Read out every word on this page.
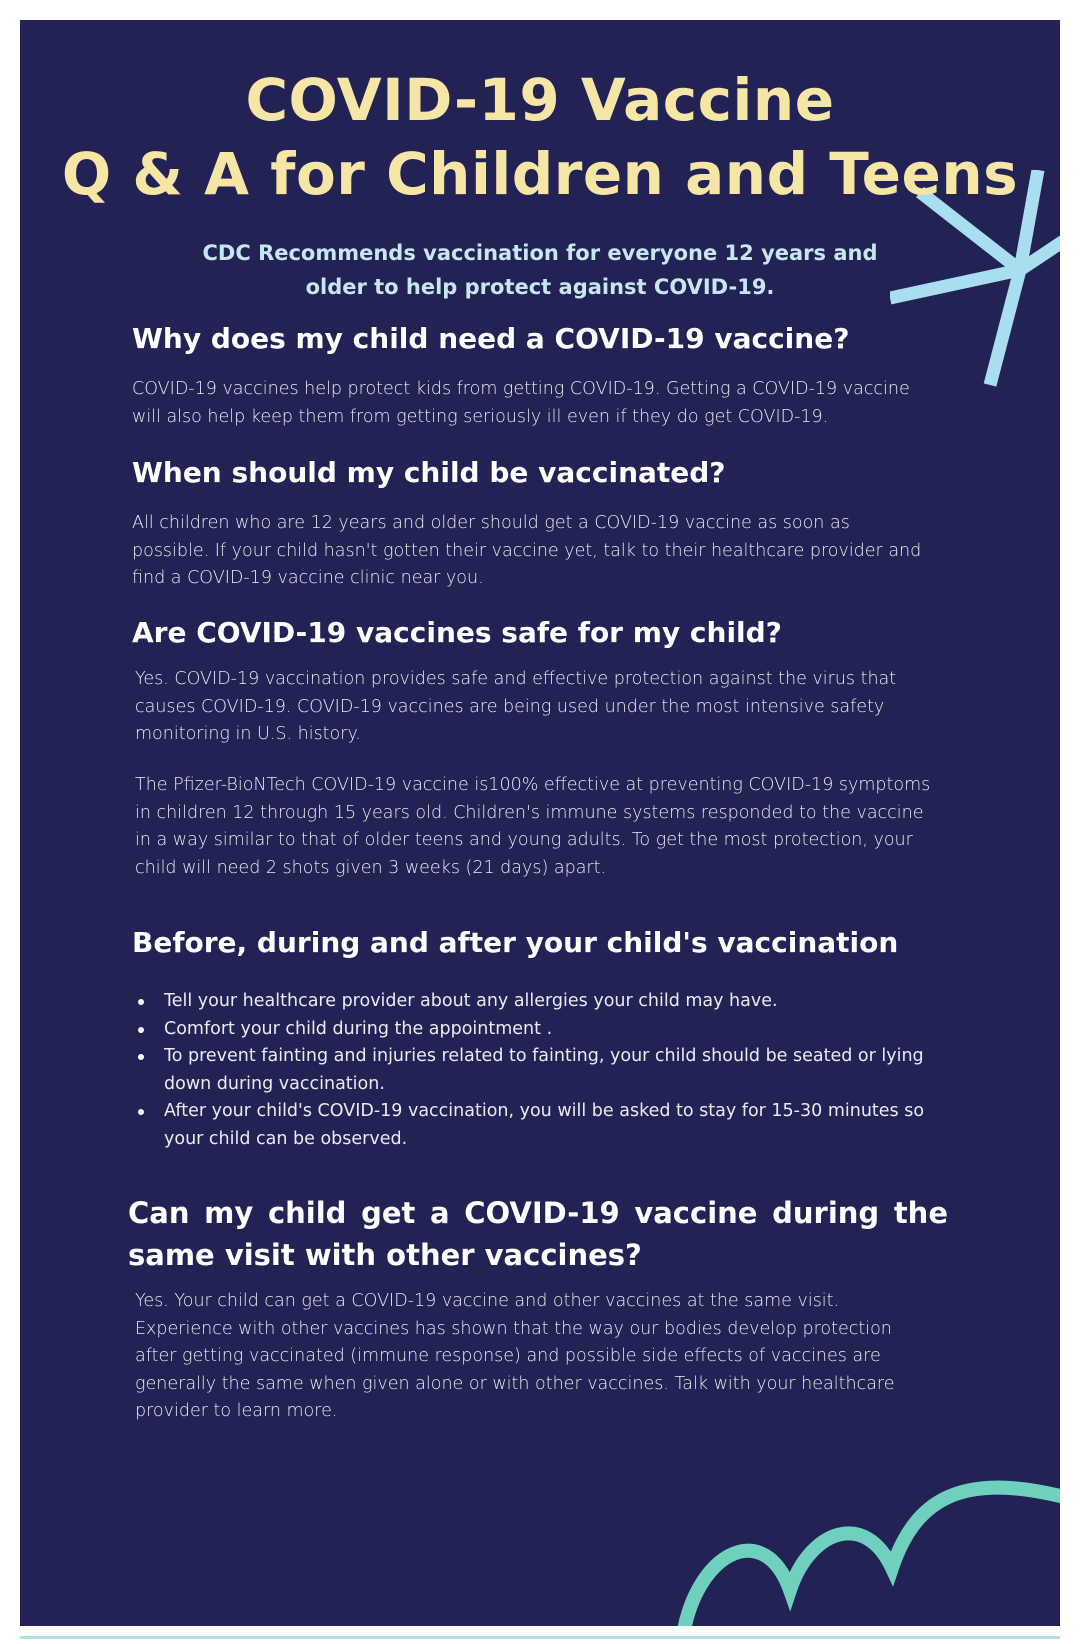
COVID-19 Vaccine
Q & A for Children and Teens

CDC Recommends vaccination for everyone 12 years and older to help protect against COVID-19.

Why does my child need a COVID-19 vaccine?

COVID-19 vaccines help protect kids from getting COVID-19. Getting a COVID-19 vaccine will also help keep them from getting seriously ill even if they do get COVID-19.

When should my child be vaccinated?

All children who are 12 years and older should get a COVID-19 vaccine as soon as possible. If your child hasn't gotten their vaccine yet, talk to their healthcare provider and find a COVID-19 vaccine clinic near you.

Are COVID-19 vaccines safe for my child?

Yes. COVID-19 vaccination provides safe and effective protection against the virus that causes COVID-19. COVID-19 vaccines are being used under the most intensive safety monitoring in U.S. history.

The Pfizer-BioNTech COVID-19 vaccine is100% effective at preventing COVID-19 symptoms in children 12 through 15 years old. Children's immune systems responded to the vaccine in a way similar to that of older teens and young adults. To get the most protection, your child will need 2 shots given 3 weeks (21 days) apart.

Before, during and after your child's vaccination
Tell your healthcare provider about any allergies your child may have.
Comfort your child during the appointment .
To prevent fainting and injuries related to fainting, your child should be seated or lying down during vaccination.
After your child's COVID-19 vaccination, you will be asked to stay for 15-30 minutes so your child can be observed.
Can my child get a COVID-19 vaccine during the same visit with other vaccines?

Yes. Your child can get a COVID-19 vaccine and other vaccines at the same visit. Experience with other vaccines has shown that the way our bodies develop protection after getting vaccinated (immune response) and possible side effects of vaccines are generally the same when given alone or with other vaccines. Talk with your healthcare provider to learn more.
